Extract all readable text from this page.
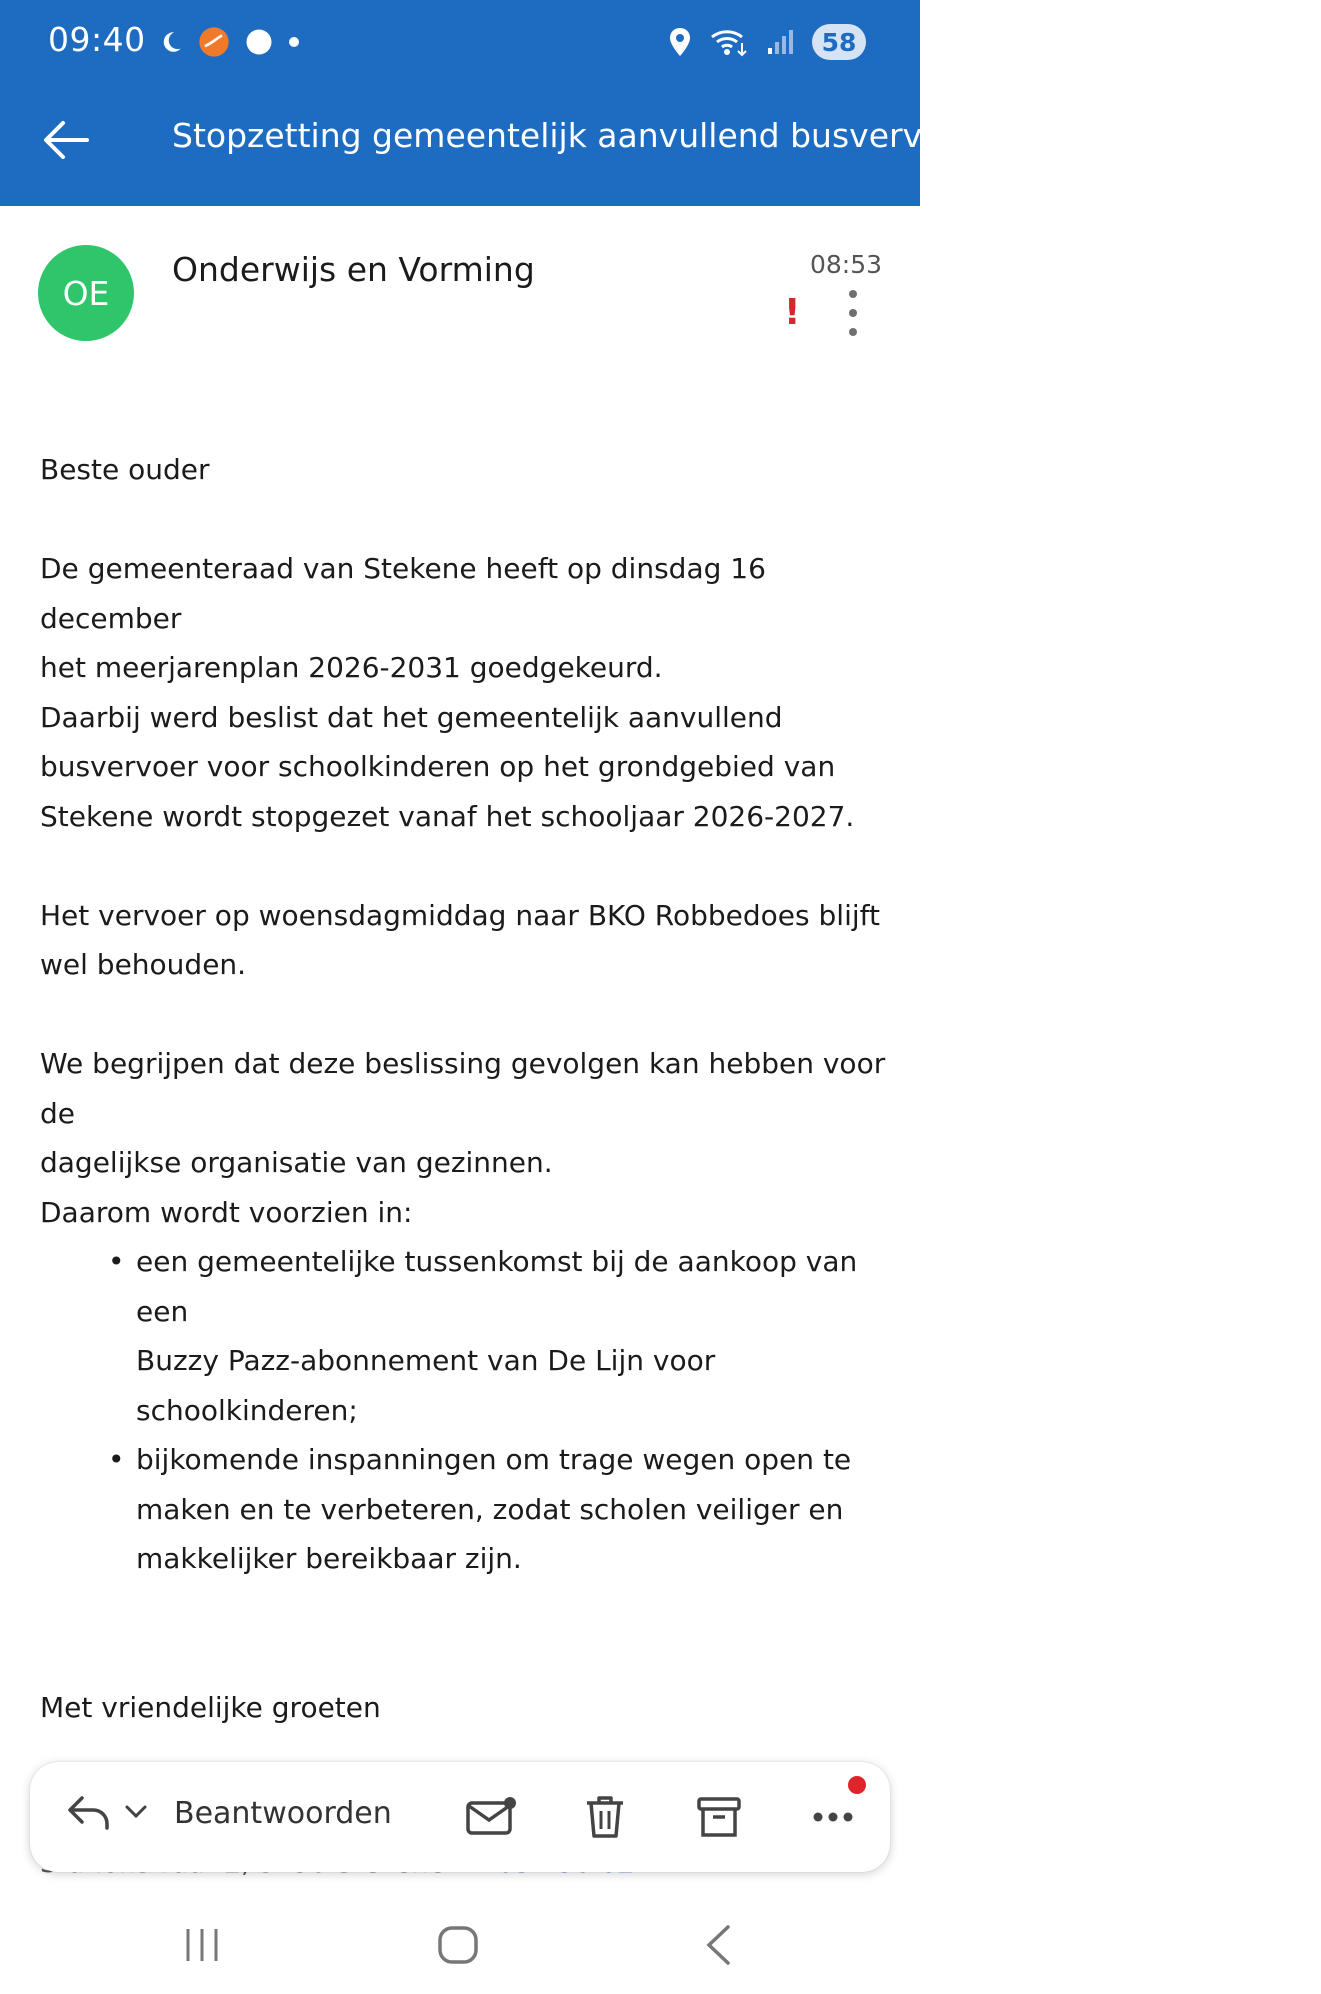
09:40	58
Stopzetting gemeentelijk aanvullend busvervoer voor schoolkinderen
OE
Onderwijs en Vorming	08:53
!

Beste ouder

De gemeenteraad van Stekene heeft op dinsdag 16 december

het meerjarenplan 2026-2031 goedgekeurd.

Daarbij werd beslist dat het gemeentelijk aanvullend

busvervoer voor schoolkinderen op het grondgebied van

Stekene wordt stopgezet vanaf het schooljaar 2026-2027.

Het vervoer op woensdagmiddag naar BKO Robbedoes blijft

wel behouden.

We begrijpen dat deze beslissing gevolgen kan hebben voor de

dagelijkse organisatie van gezinnen.

Daarom wordt voorzien in:

• een gemeentelijke tussenkomst bij de aankoop van een
Buzzy Pazz-abonnement van De Lijn voor
schoolkinderen;
• bijkomende inspanningen om trage wegen open te
maken en te verbeteren, zodat scholen veiliger en
makkelijker bereikbaar zijn.

Met vriendelijke groeten

Beantwoorden
